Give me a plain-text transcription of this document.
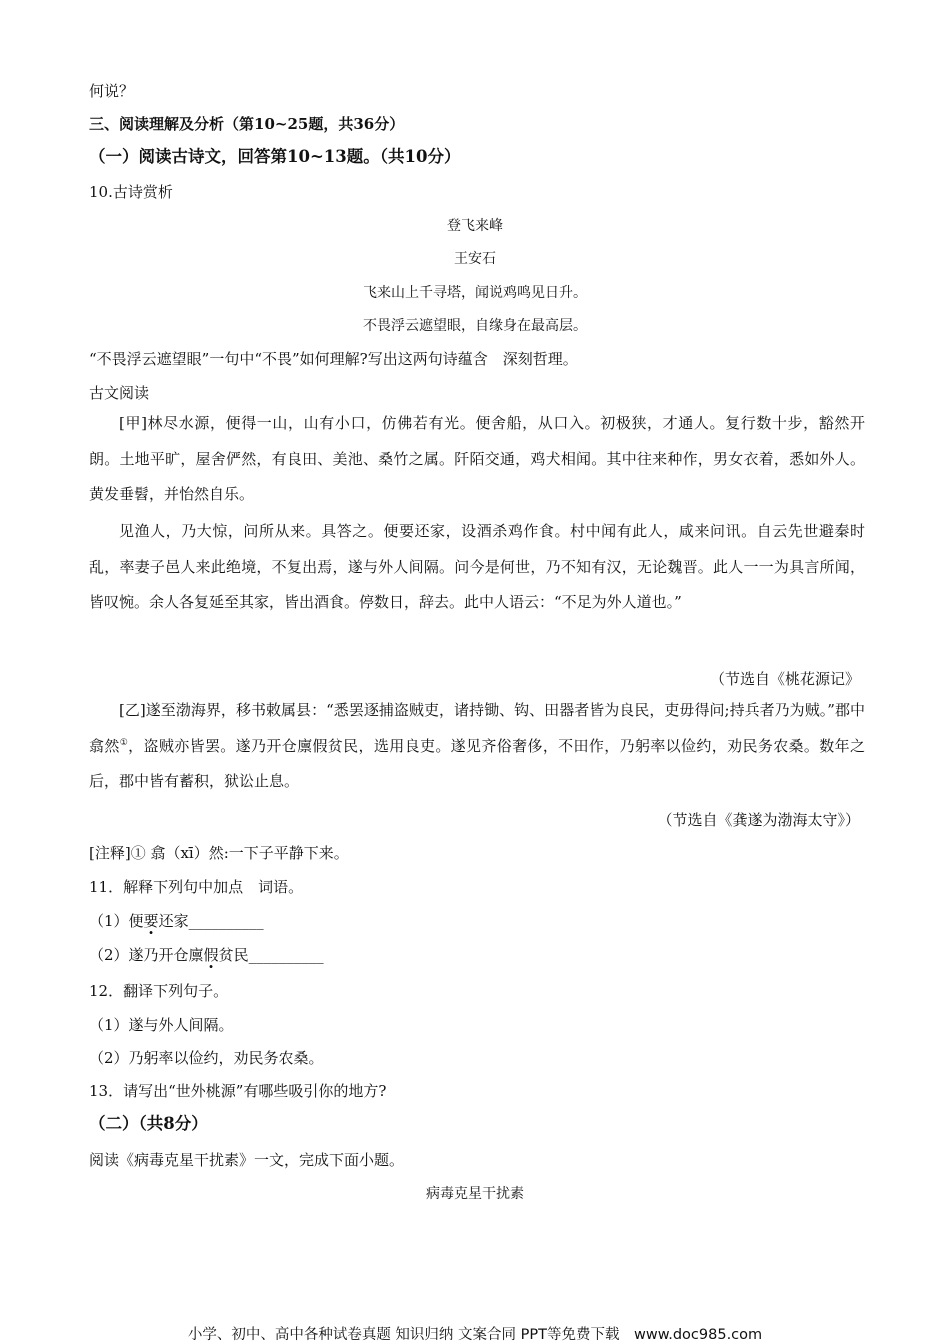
何说？
三、阅读理解及分析（第10~25题，共36分）
（一）阅读古诗文，回答第10~13题。（共10分）
10.古诗赏析
登飞来峰
王安石
飞来山上千寻塔，闻说鸡鸣见日升。
不畏浮云遮望眼，自缘身在最高层。
“不畏浮云遮望眼”一句中“不畏”如何理解?写出这两句诗蕴含　深刻哲理。
古文阅读
[甲]林尽水源，便得一山，山有小口，仿佛若有光。便舍船，从口入。初极狭，才通人。复行数十步，豁然开朗。土地平旷，屋舍俨然，有良田、美池、桑竹之属。阡陌交通，鸡犬相闻。其中往来种作，男女衣着，悉如外人。黄发垂髫，并怡然自乐。
见渔人，乃大惊，问所从来。具答之。便要还家，设酒杀鸡作食。村中闻有此人，咸来问讯。自云先世避秦时乱，率妻子邑人来此绝境，不复出焉，遂与外人间隔。问今是何世，乃不知有汉，无论魏晋。此人一一为具言所闻，皆叹惋。余人各复延至其家，皆出酒食。停数日，辞去。此中人语云：“不足为外人道也。”
（节选自《桃花源记》
[乙]遂至渤海界，移书敕属县：“悉罢逐捕盗贼吏，诸持锄、钩、田器者皆为良民，吏毋得问;持兵者乃为贼。”郡中翕然①，盗贼亦皆罢。遂乃开仓廪假贫民，选用良吏。遂见齐俗奢侈，不田作，乃躬率以俭约，劝民务农桑。数年之后，郡中皆有蓄积，狱讼止息。
（节选自《龚遂为渤海太守》）
[注释]① 翕（xī）然:一下子平静下来。
11．解释下列句中加点　词语。
（1）便要还家__________
（2）遂乃开仓廪假贫民__________
12．翻译下列句子。
（1）遂与外人间隔。
（2）乃躬率以俭约，劝民务农桑。
13．请写出“世外桃源”有哪些吸引你的地方?
（二）（共8分）
阅读《病毒克星干扰素》一文，完成下面小题。
病毒克星干扰素
小学、初中、高中各种试卷真题 知识归纳 文案合同 PPT等免费下载　www.doc985.com
